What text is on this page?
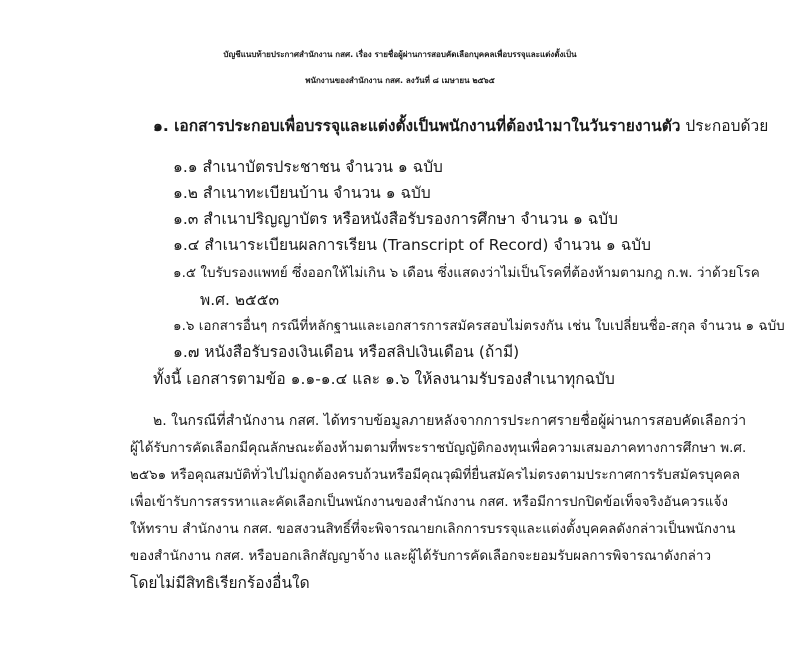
บัญชีแนบท้ายประกาศสำนักงาน กสศ. เรื่อง รายชื่อผู้ผ่านการสอบคัดเลือกบุคคลเพื่อบรรจุและแต่งตั้งเป็น
พนักงานของสำนักงาน กสศ. ลงวันที่ ๘ เมษายน ๒๕๖๕
๑. เอกสารประกอบเพื่อบรรจุและแต่งตั้งเป็นพนักงานที่ต้องนำมาในวันรายงานตัว ประกอบด้วย
๑.๑ สำเนาบัตรประชาชน จำนวน ๑ ฉบับ
๑.๒ สำเนาทะเบียนบ้าน จำนวน ๑ ฉบับ
๑.๓ สำเนาปริญญาบัตร หรือหนังสือรับรองการศึกษา จำนวน ๑ ฉบับ
๑.๔ สำเนาระเบียนผลการเรียน (Transcript of Record) จำนวน ๑ ฉบับ
๑.๕ ใบรับรองแพทย์ ซึ่งออกให้ไม่เกิน ๖ เดือน ซึ่งแสดงว่าไม่เป็นโรคที่ต้องห้ามตามกฎ ก.พ. ว่าด้วยโรค
พ.ศ. ๒๕๕๓
๑.๖ เอกสารอื่นๆ กรณีที่หลักฐานและเอกสารการสมัครสอบไม่ตรงกัน เช่น ใบเปลี่ยนชื่อ-สกุล จำนวน ๑ ฉบับ
๑.๗ หนังสือรับรองเงินเดือน หรือสลิปเงินเดือน (ถ้ามี)
ทั้งนี้ เอกสารตามข้อ ๑.๑-๑.๔ และ ๑.๖ ให้ลงนามรับรองสำเนาทุกฉบับ
๒. ในกรณีที่สำนักงาน กสศ. ได้ทราบข้อมูลภายหลังจากการประกาศรายชื่อผู้ผ่านการสอบคัดเลือกว่า
ผู้ได้รับการคัดเลือกมีคุณลักษณะต้องห้ามตามที่พระราชบัญญัติกองทุนเพื่อความเสมอภาคทางการศึกษา พ.ศ.
๒๕๖๑ หรือคุณสมบัติทั่วไปไม่ถูกต้องครบถ้วนหรือมีคุณวุฒิที่ยื่นสมัครไม่ตรงตามประกาศการรับสมัครบุคคล
เพื่อเข้ารับการสรรหาและคัดเลือกเป็นพนักงานของสำนักงาน กสศ. หรือมีการปกปิดข้อเท็จจริงอันควรแจ้ง
ให้ทราบ สำนักงาน กสศ. ขอสงวนสิทธิ์ที่จะพิจารณายกเลิกการบรรจุและแต่งตั้งบุคคลดังกล่าวเป็นพนักงาน
ของสำนักงาน กสศ. หรือบอกเลิกสัญญาจ้าง และผู้ได้รับการคัดเลือกจะยอมรับผลการพิจารณาดังกล่าว
โดยไม่มีสิทธิเรียกร้องอื่นใด
